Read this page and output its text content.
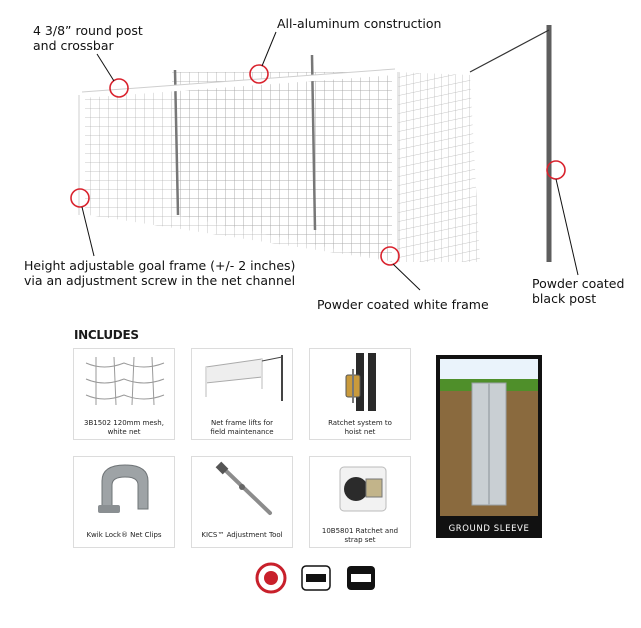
4 3/8” round post
and crossbar
All-aluminum construction
Height adjustable goal frame (+/- 2 inches)
via an adjustment screw in the net channel
Powder coated white frame
Powder coated
black post
INCLUDES
3B1502 120mm mesh,
white net
Net frame lifts for
field maintenance
Ratchet system to
hoist net
Kwik Lock® Net Clips	KICS™ Adjustment Tool	10B5801 Ratchet and
strap set
GROUND SLEEVE
